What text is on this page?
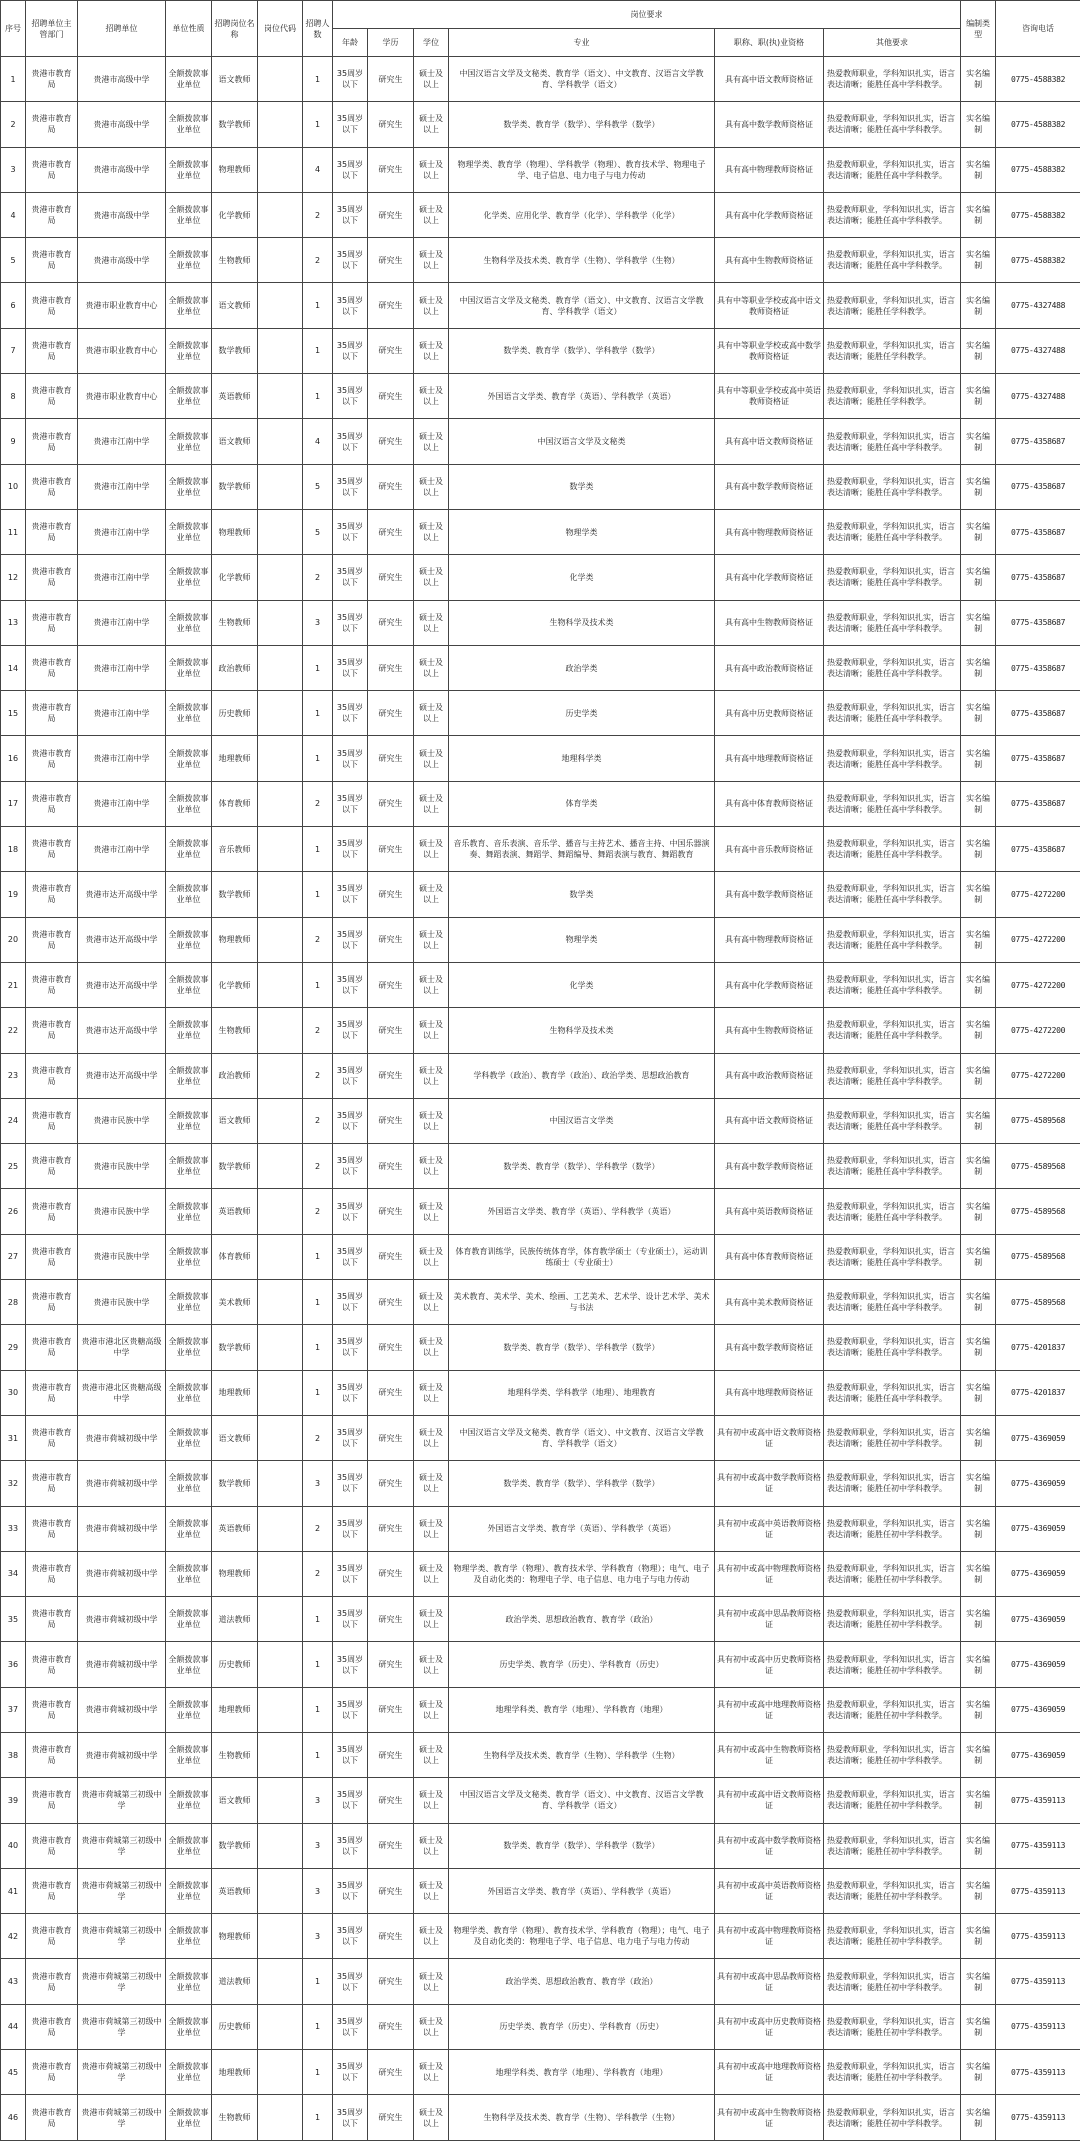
序号	招聘单位主管部门	招聘单位	单位性质	招聘岗位名称	岗位代码	招聘人数	岗位要求						编制类型	咨询电话
							年龄	学历	学位	专业	职称、职(执)业资格	其他要求		
1	贵港市教育局	贵港市高级中学	全额拨款事业单位	语文教师		1	35周岁以下	研究生	硕士及以上	中国汉语言文学及文秘类、教育学（语文）、中文教育、汉语言文学教育、学科教学（语文）	具有高中语文教师资格证	热爱教师职业，学科知识扎实，语言表达清晰；能胜任高中学科教学。	实名编制	0775-4588382
2	贵港市教育局	贵港市高级中学	全额拨款事业单位	数学教师		1	35周岁以下	研究生	硕士及以上	数学类、教育学（数学）、学科教学（数学）	具有高中数学教师资格证	热爱教师职业，学科知识扎实，语言表达清晰；能胜任高中学科教学。	实名编制	0775-4588382
3	贵港市教育局	贵港市高级中学	全额拨款事业单位	物理教师		4	35周岁以下	研究生	硕士及以上	物理学类、教育学（物理）、学科教学（物理）、教育技术学、物理电子学、电子信息、电力电子与电力传动	具有高中物理教师资格证	热爱教师职业，学科知识扎实，语言表达清晰；能胜任高中学科教学。	实名编制	0775-4588382
4	贵港市教育局	贵港市高级中学	全额拨款事业单位	化学教师		2	35周岁以下	研究生	硕士及以上	化学类、应用化学、教育学（化学）、学科教学（化学）	具有高中化学教师资格证	热爱教师职业，学科知识扎实，语言表达清晰；能胜任高中学科教学。	实名编制	0775-4588382
5	贵港市教育局	贵港市高级中学	全额拨款事业单位	生物教师		2	35周岁以下	研究生	硕士及以上	生物科学及技术类、教育学（生物）、学科教学（生物）	具有高中生物教师资格证	热爱教师职业，学科知识扎实，语言表达清晰；能胜任高中学科教学。	实名编制	0775-4588382
6	贵港市教育局	贵港市职业教育中心	全额拨款事业单位	语文教师		1	35周岁以下	研究生	硕士及以上	中国汉语言文学及文秘类、教育学（语文）、中文教育、汉语言文学教育、学科教学（语文）	具有中等职业学校或高中语文教师资格证	热爱教师职业，学科知识扎实，语言表达清晰；能胜任学科教学。	实名编制	0775-4327488
7	贵港市教育局	贵港市职业教育中心	全额拨款事业单位	数学教师		1	35周岁以下	研究生	硕士及以上	数学类、教育学（数学）、学科教学（数学）	具有中等职业学校或高中数学教师资格证	热爱教师职业，学科知识扎实，语言表达清晰；能胜任学科教学。	实名编制	0775-4327488
8	贵港市教育局	贵港市职业教育中心	全额拨款事业单位	英语教师		1	35周岁以下	研究生	硕士及以上	外国语言文学类、教育学（英语）、学科教学（英语）	具有中等职业学校或高中英语教师资格证	热爱教师职业，学科知识扎实，语言表达清晰；能胜任学科教学。	实名编制	0775-4327488
9	贵港市教育局	贵港市江南中学	全额拨款事业单位	语文教师		4	35周岁以下	研究生	硕士及以上	中国汉语言文学及文秘类	具有高中语文教师资格证	热爱教师职业，学科知识扎实，语言表达清晰；能胜任高中学科教学。	实名编制	0775-4358687
10	贵港市教育局	贵港市江南中学	全额拨款事业单位	数学教师		5	35周岁以下	研究生	硕士及以上	数学类	具有高中数学教师资格证	热爱教师职业，学科知识扎实，语言表达清晰；能胜任高中学科教学。	实名编制	0775-4358687
11	贵港市教育局	贵港市江南中学	全额拨款事业单位	物理教师		5	35周岁以下	研究生	硕士及以上	物理学类	具有高中物理教师资格证	热爱教师职业，学科知识扎实，语言表达清晰；能胜任高中学科教学。	实名编制	0775-4358687
12	贵港市教育局	贵港市江南中学	全额拨款事业单位	化学教师		2	35周岁以下	研究生	硕士及以上	化学类	具有高中化学教师资格证	热爱教师职业，学科知识扎实，语言表达清晰；能胜任高中学科教学。	实名编制	0775-4358687
13	贵港市教育局	贵港市江南中学	全额拨款事业单位	生物教师		3	35周岁以下	研究生	硕士及以上	生物科学及技术类	具有高中生物教师资格证	热爱教师职业，学科知识扎实，语言表达清晰；能胜任高中学科教学。	实名编制	0775-4358687
14	贵港市教育局	贵港市江南中学	全额拨款事业单位	政治教师		1	35周岁以下	研究生	硕士及以上	政治学类	具有高中政治教师资格证	热爱教师职业，学科知识扎实，语言表达清晰；能胜任高中学科教学。	实名编制	0775-4358687
15	贵港市教育局	贵港市江南中学	全额拨款事业单位	历史教师		1	35周岁以下	研究生	硕士及以上	历史学类	具有高中历史教师资格证	热爱教师职业，学科知识扎实，语言表达清晰；能胜任高中学科教学。	实名编制	0775-4358687
16	贵港市教育局	贵港市江南中学	全额拨款事业单位	地理教师		1	35周岁以下	研究生	硕士及以上	地理科学类	具有高中地理教师资格证	热爱教师职业，学科知识扎实，语言表达清晰；能胜任高中学科教学。	实名编制	0775-4358687
17	贵港市教育局	贵港市江南中学	全额拨款事业单位	体育教师		2	35周岁以下	研究生	硕士及以上	体育学类	具有高中体育教师资格证	热爱教师职业，学科知识扎实，语言表达清晰；能胜任高中学科教学。	实名编制	0775-4358687
18	贵港市教育局	贵港市江南中学	全额拨款事业单位	音乐教师		1	35周岁以下	研究生	硕士及以上	音乐教育、音乐表演、音乐学、播音与主持艺术、播音主持、中国乐器演奏、舞蹈表演、舞蹈学、舞蹈编导、舞蹈表演与教育、舞蹈教育	具有高中音乐教师资格证	热爱教师职业，学科知识扎实，语言表达清晰；能胜任高中学科教学。	实名编制	0775-4358687
19	贵港市教育局	贵港市达开高级中学	全额拨款事业单位	数学教师		1	35周岁以下	研究生	硕士及以上	数学类	具有高中数学教师资格证	热爱教师职业，学科知识扎实，语言表达清晰；能胜任高中学科教学。	实名编制	0775-4272200
20	贵港市教育局	贵港市达开高级中学	全额拨款事业单位	物理教师		2	35周岁以下	研究生	硕士及以上	物理学类	具有高中物理教师资格证	热爱教师职业，学科知识扎实，语言表达清晰；能胜任高中学科教学。	实名编制	0775-4272200
21	贵港市教育局	贵港市达开高级中学	全额拨款事业单位	化学教师		1	35周岁以下	研究生	硕士及以上	化学类	具有高中化学教师资格证	热爱教师职业，学科知识扎实，语言表达清晰；能胜任高中学科教学。	实名编制	0775-4272200
22	贵港市教育局	贵港市达开高级中学	全额拨款事业单位	生物教师		2	35周岁以下	研究生	硕士及以上	生物科学及技术类	具有高中生物教师资格证	热爱教师职业，学科知识扎实，语言表达清晰；能胜任高中学科教学。	实名编制	0775-4272200
23	贵港市教育局	贵港市达开高级中学	全额拨款事业单位	政治教师		2	35周岁以下	研究生	硕士及以上	学科教学（政治）、教育学（政治）、政治学类、思想政治教育	具有高中政治教师资格证	热爱教师职业，学科知识扎实，语言表达清晰；能胜任高中学科教学。	实名编制	0775-4272200
24	贵港市教育局	贵港市民族中学	全额拨款事业单位	语文教师		2	35周岁以下	研究生	硕士及以上	中国汉语言文学类	具有高中语文教师资格证	热爱教师职业，学科知识扎实，语言表达清晰；能胜任高中学科教学。	实名编制	0775-4589568
25	贵港市教育局	贵港市民族中学	全额拨款事业单位	数学教师		2	35周岁以下	研究生	硕士及以上	数学类、教育学（数学）、学科教学（数学）	具有高中数学教师资格证	热爱教师职业，学科知识扎实，语言表达清晰；能胜任高中学科教学。	实名编制	0775-4589568
26	贵港市教育局	贵港市民族中学	全额拨款事业单位	英语教师		2	35周岁以下	研究生	硕士及以上	外国语言文学类、教育学（英语）、学科教学（英语）	具有高中英语教师资格证	热爱教师职业，学科知识扎实，语言表达清晰；能胜任高中学科教学。	实名编制	0775-4589568
27	贵港市教育局	贵港市民族中学	全额拨款事业单位	体育教师		1	35周岁以下	研究生	硕士及以上	体育教育训练学，民族传统体育学，体育教学硕士（专业硕士），运动训练硕士（专业硕士）	具有高中体育教师资格证	热爱教师职业，学科知识扎实，语言表达清晰；能胜任高中学科教学。	实名编制	0775-4589568
28	贵港市教育局	贵港市民族中学	全额拨款事业单位	美术教师		1	35周岁以下	研究生	硕士及以上	美术教育、美术学、美术、绘画、工艺美术、艺术学、设计艺术学、美术与书法	具有高中美术教师资格证	热爱教师职业，学科知识扎实，语言表达清晰；能胜任高中学科教学。	实名编制	0775-4589568
29	贵港市教育局	贵港市港北区贵糖高级中学	全额拨款事业单位	数学教师		1	35周岁以下	研究生	硕士及以上	数学类、教育学（数学）、学科教学（数学）	具有高中数学教师资格证	热爱教师职业，学科知识扎实，语言表达清晰；能胜任高中学科教学。	实名编制	0775-4201837
30	贵港市教育局	贵港市港北区贵糖高级中学	全额拨款事业单位	地理教师		1	35周岁以下	研究生	硕士及以上	地理科学类、学科教学（地理）、地理教育	具有高中地理教师资格证	热爱教师职业，学科知识扎实，语言表达清晰；能胜任高中学科教学。	实名编制	0775-4201837
31	贵港市教育局	贵港市荷城初级中学	全额拨款事业单位	语文教师		2	35周岁以下	研究生	硕士及以上	中国汉语言文学及文秘类、教育学（语文）、中文教育、汉语言文学教育、学科教学（语文）	具有初中或高中语文教师资格证	热爱教师职业，学科知识扎实，语言表达清晰；能胜任初中学科教学。	实名编制	0775-4369059
32	贵港市教育局	贵港市荷城初级中学	全额拨款事业单位	数学教师		3	35周岁以下	研究生	硕士及以上	数学类、教育学（数学）、学科教学（数学）	具有初中或高中数学教师资格证	热爱教师职业，学科知识扎实，语言表达清晰；能胜任初中学科教学。	实名编制	0775-4369059
33	贵港市教育局	贵港市荷城初级中学	全额拨款事业单位	英语教师		2	35周岁以下	研究生	硕士及以上	外国语言文学类、教育学（英语）、学科教学（英语）	具有初中或高中英语教师资格证	热爱教师职业，学科知识扎实，语言表达清晰；能胜任初中学科教学。	实名编制	0775-4369059
34	贵港市教育局	贵港市荷城初级中学	全额拨款事业单位	物理教师		2	35周岁以下	研究生	硕士及以上	物理学类、教育学（物理）、教育技术学、学科教育（物理）；电气、电子及自动化类的：物理电子学、电子信息、电力电子与电力传动	具有初中或高中物理教师资格证	热爱教师职业，学科知识扎实，语言表达清晰；能胜任初中学科教学。	实名编制	0775-4369059
35	贵港市教育局	贵港市荷城初级中学	全额拨款事业单位	道法教师		1	35周岁以下	研究生	硕士及以上	政治学类、思想政治教育、教育学（政治）	具有初中或高中思品教师资格证	热爱教师职业，学科知识扎实，语言表达清晰；能胜任初中学科教学。	实名编制	0775-4369059
36	贵港市教育局	贵港市荷城初级中学	全额拨款事业单位	历史教师		1	35周岁以下	研究生	硕士及以上	历史学类、教育学（历史）、学科教育（历史）	具有初中或高中历史教师资格证	热爱教师职业，学科知识扎实，语言表达清晰；能胜任初中学科教学。	实名编制	0775-4369059
37	贵港市教育局	贵港市荷城初级中学	全额拨款事业单位	地理教师		1	35周岁以下	研究生	硕士及以上	地理学科类、教育学（地理）、学科教育（地理）	具有初中或高中地理教师资格证	热爱教师职业，学科知识扎实，语言表达清晰；能胜任初中学科教学。	实名编制	0775-4369059
38	贵港市教育局	贵港市荷城初级中学	全额拨款事业单位	生物教师		1	35周岁以下	研究生	硕士及以上	生物科学及技术类、教育学（生物）、学科教学（生物）	具有初中或高中生物教师资格证	热爱教师职业，学科知识扎实，语言表达清晰；能胜任初中学科教学。	实名编制	0775-4369059
39	贵港市教育局	贵港市荷城第三初级中学	全额拨款事业单位	语文教师		3	35周岁以下	研究生	硕士及以上	中国汉语言文学及文秘类、教育学（语文）、中文教育、汉语言文学教育、学科教学（语文）	具有初中或高中语文教师资格证	热爱教师职业，学科知识扎实，语言表达清晰；能胜任初中学科教学。	实名编制	0775-4359113
40	贵港市教育局	贵港市荷城第三初级中学	全额拨款事业单位	数学教师		3	35周岁以下	研究生	硕士及以上	数学类、教育学（数学）、学科教学（数学）	具有初中或高中数学教师资格证	热爱教师职业，学科知识扎实，语言表达清晰；能胜任初中学科教学。	实名编制	0775-4359113
41	贵港市教育局	贵港市荷城第三初级中学	全额拨款事业单位	英语教师		3	35周岁以下	研究生	硕士及以上	外国语言文学类、教育学（英语）、学科教学（英语）	具有初中或高中英语教师资格证	热爱教师职业，学科知识扎实，语言表达清晰；能胜任初中学科教学。	实名编制	0775-4359113
42	贵港市教育局	贵港市荷城第三初级中学	全额拨款事业单位	物理教师		3	35周岁以下	研究生	硕士及以上	物理学类、教育学（物理）、教育技术学、学科教育（物理）；电气、电子及自动化类的：物理电子学、电子信息、电力电子与电力传动	具有初中或高中物理教师资格证	热爱教师职业，学科知识扎实，语言表达清晰；能胜任初中学科教学。	实名编制	0775-4359113
43	贵港市教育局	贵港市荷城第三初级中学	全额拨款事业单位	道法教师		1	35周岁以下	研究生	硕士及以上	政治学类、思想政治教育、教育学（政治）	具有初中或高中思品教师资格证	热爱教师职业，学科知识扎实，语言表达清晰；能胜任初中学科教学。	实名编制	0775-4359113
44	贵港市教育局	贵港市荷城第三初级中学	全额拨款事业单位	历史教师		1	35周岁以下	研究生	硕士及以上	历史学类、教育学（历史）、学科教育（历史）	具有初中或高中历史教师资格证	热爱教师职业，学科知识扎实，语言表达清晰；能胜任初中学科教学。	实名编制	0775-4359113
45	贵港市教育局	贵港市荷城第三初级中学	全额拨款事业单位	地理教师		1	35周岁以下	研究生	硕士及以上	地理学科类、教育学（地理）、学科教育（地理）	具有初中或高中地理教师资格证	热爱教师职业，学科知识扎实，语言表达清晰；能胜任初中学科教学。	实名编制	0775-4359113
46	贵港市教育局	贵港市荷城第三初级中学	全额拨款事业单位	生物教师		1	35周岁以下	研究生	硕士及以上	生物科学及技术类、教育学（生物）、学科教学（生物）	具有初中或高中生物教师资格证	热爱教师职业，学科知识扎实，语言表达清晰；能胜任初中学科教学。	实名编制	0775-4359113
